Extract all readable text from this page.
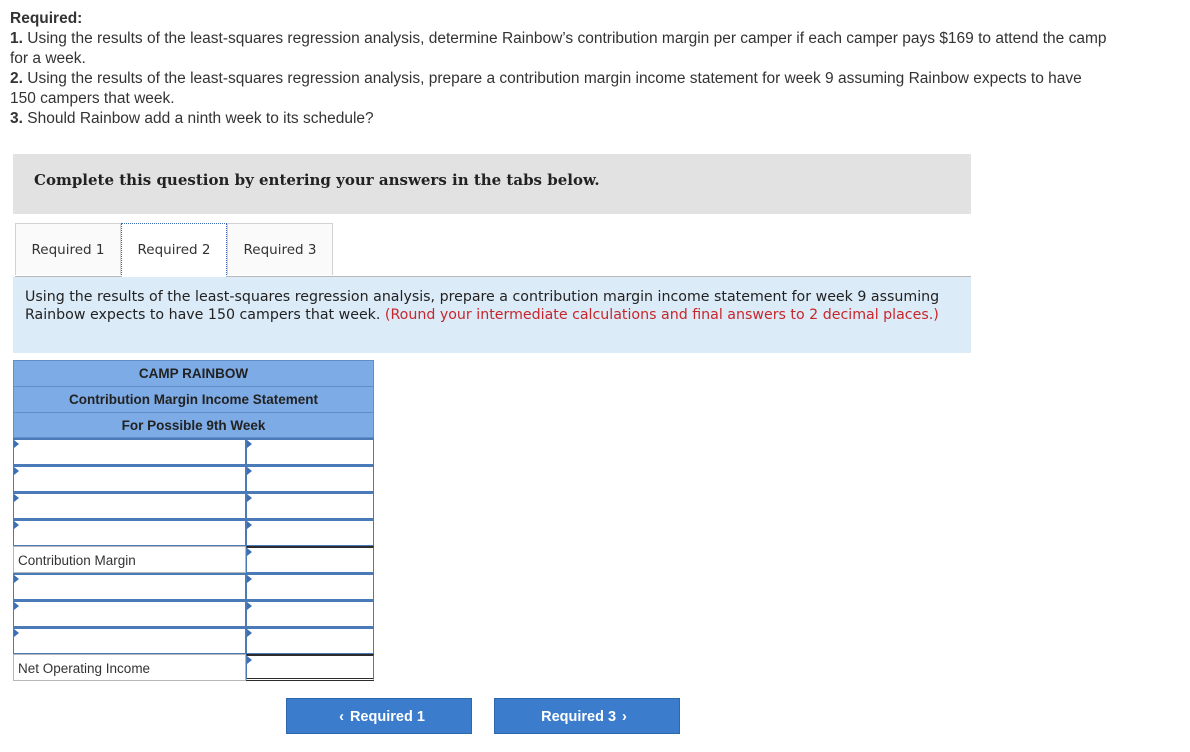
Required:
1. Using the results of the least-squares regression analysis, determine Rainbow’s contribution margin per camper if each camper pays $169 to attend the camp for a week.
2. Using the results of the least-squares regression analysis, prepare a contribution margin income statement for week 9 assuming Rainbow expects to have 150 campers that week.
3. Should Rainbow add a ninth week to its schedule?
Complete this question by entering your answers in the tabs below.
Required 1	Required 2	Required 3
Using the results of the least-squares regression analysis, prepare a contribution margin income statement for week 9 assuming Rainbow expects to have 150 campers that week. (Round your intermediate calculations and final answers to 2 decimal places.)
CAMP RAINBOW
Contribution Margin Income Statement
For Possible 9th Week
Contribution Margin
Net Operating Income
‹ Required 1	Required 3 ›
